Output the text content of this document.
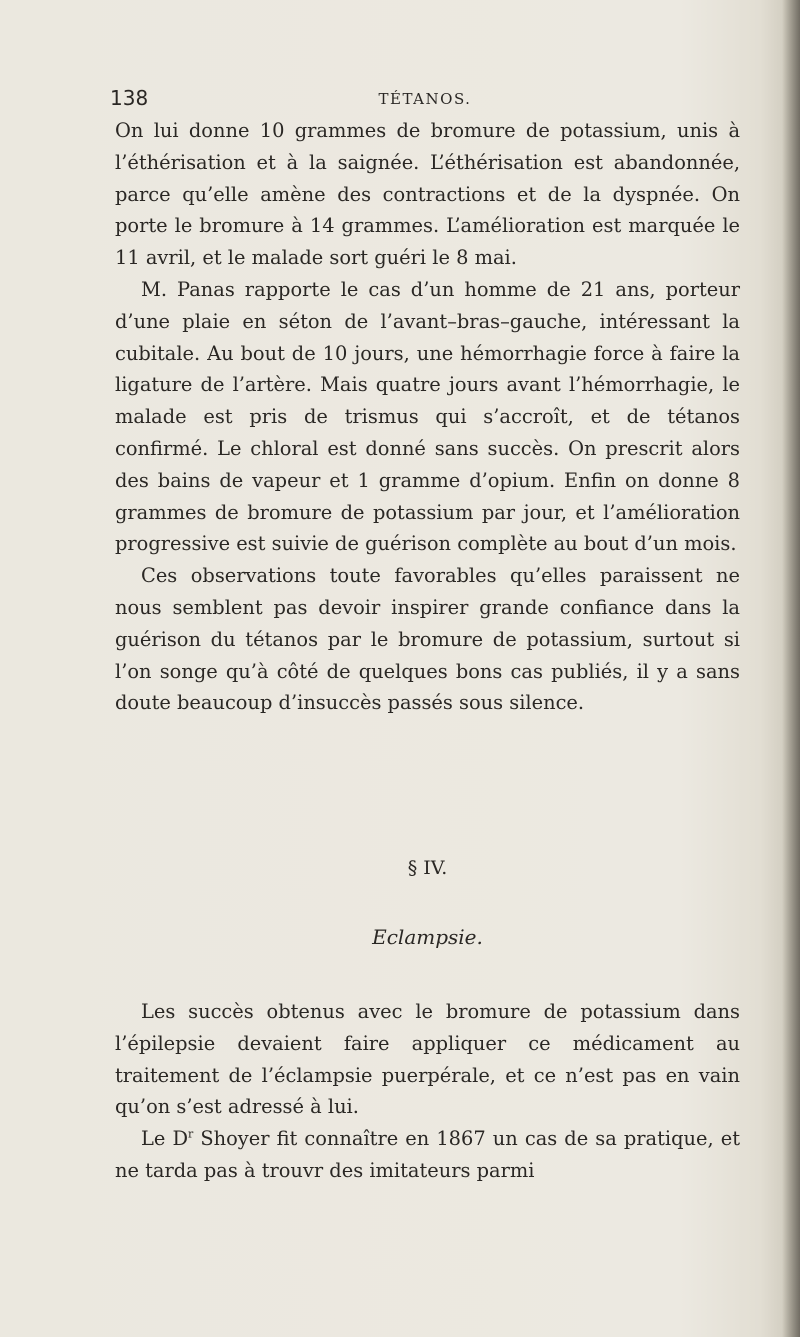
138	TÉTANOS.

On lui donne 10 grammes de bromure de potassium, unis à l’éthérisation et à la saignée. L’éthérisation est abandonnée, parce qu’elle amène des contractions et de la dyspnée. On porte le bromure à 14 grammes. L’amélioration est marquée le 11 avril, et le malade sort guéri le 8 mai.

M. Panas rapporte le cas d’un homme de 21 ans, porteur d’une plaie en séton de l’avant–bras–gauche, intéressant la cubitale. Au bout de 10 jours, une hémorrhagie force à faire la ligature de l’artère. Mais quatre jours avant l’hémorrhagie, le malade est pris de trismus qui s’accroît, et de tétanos confirmé. Le chloral est donné sans succès. On prescrit alors des bains de vapeur et 1 gramme d’opium. Enfin on donne 8 grammes de bromure de potassium par jour, et l’amélioration progressive est suivie de guérison complète au bout d’un mois.

Ces observations toute favorables qu’elles paraissent ne nous semblent pas devoir inspirer grande confiance dans la guérison du tétanos par le bromure de potassium, surtout si l’on songe qu’à côté de quelques bons cas publiés, il y a sans doute beaucoup d’insuccès passés sous silence.

§ IV.
Eclampsie.

Les succès obtenus avec le bromure de potassium dans l’épilepsie devaient faire appliquer ce médicament au traitement de l’éclampsie puerpérale, et ce n’est pas en vain qu’on s’est adressé à lui.

Le $D^r$ Shoyer fit connaître en 1867 un cas de sa pratique, et ne tarda pas à trouvr des imitateurs parmi
